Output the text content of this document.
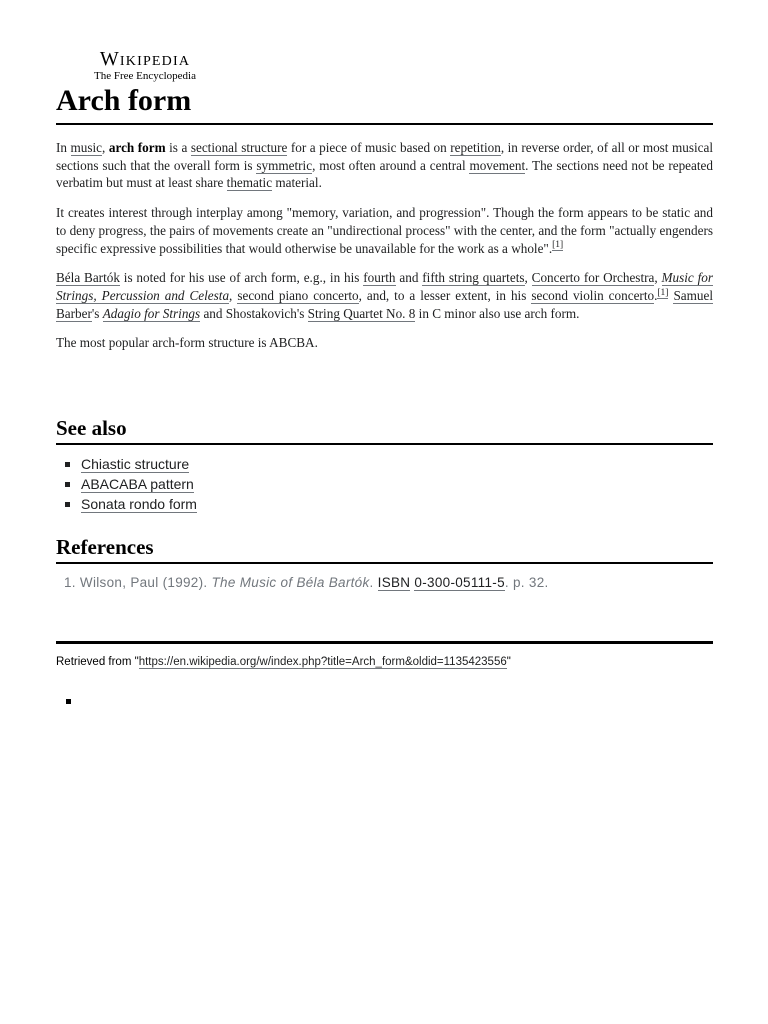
Wikipedia
The Free Encyclopedia
Arch form

In music, arch form is a sectional structure for a piece of music based on repetition, in reverse order, of all or most musical sections such that the overall form is symmetric, most often around a central movement. The sections need not be repeated verbatim but must at least share thematic material.

It creates interest through interplay among "memory, variation, and progression". Though the form appears to be static and to deny progress, the pairs of movements create an "undirectional process" with the center, and the form "actually engenders specific expressive possibilities that would otherwise be unavailable for the work as a whole".[1]

Béla Bartók is noted for his use of arch form, e.g., in his fourth and fifth string quartets, Concerto for Orchestra, Music for Strings, Percussion and Celesta, second piano concerto, and, to a lesser extent, in his second violin concerto.[1] Samuel Barber's Adagio for Strings and Shostakovich's String Quartet No. 8 in C minor also use arch form.

The most popular arch-form structure is ABCBA.

See also
Chiastic structure
ABACABA pattern
Sonata rondo form
References
1. Wilson, Paul (1992). The Music of Béla Bartók. ISBN 0-300-05111-5. p. 32.
Retrieved from "https://en.wikipedia.org/w/index.php?title=Arch_form&oldid=1135423556"
